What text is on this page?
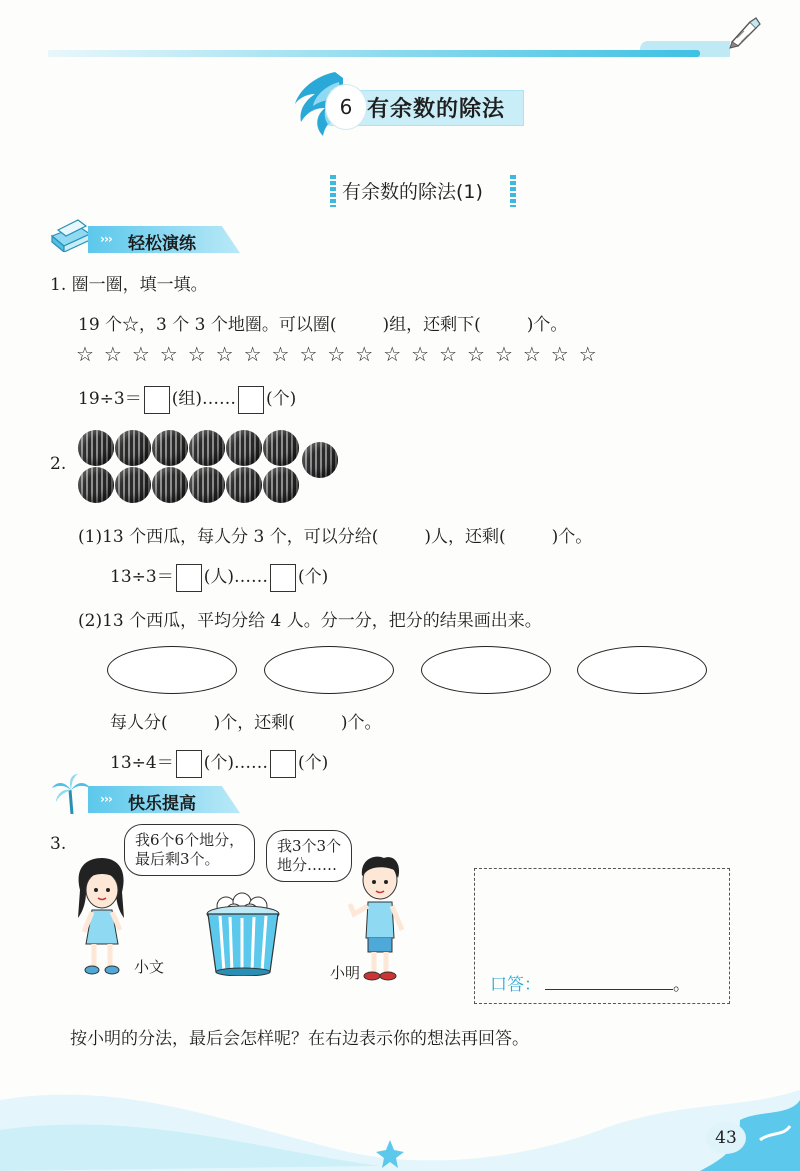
6 有余数的除法
有余数的除法(1)
››› 轻松演练
1. 圈一圈，填一填。
19 个☆，3 个 3 个地圈。可以圈(	)组，还剩下(	)个。
☆☆☆☆☆☆☆☆☆☆☆☆☆☆☆☆☆☆☆
19÷3＝ (组)…… (个)
2.
(1)13 个西瓜，每人分 3 个，可以分给(	)人，还剩(	)个。
13÷3＝ (人)…… (个)
(2)13 个西瓜，平均分给 4 人。分一分，把分的结果画出来。
每人分(	)个，还剩(	)个。
13÷4＝ (个)…… (个)
››› 快乐提高
3.	我6个6个地分，
最后剩3个。
我3个3个
地分……
小文	小明
口答：	。
按小明的分法，最后会怎样呢？在右边表示你的想法再回答。
43
